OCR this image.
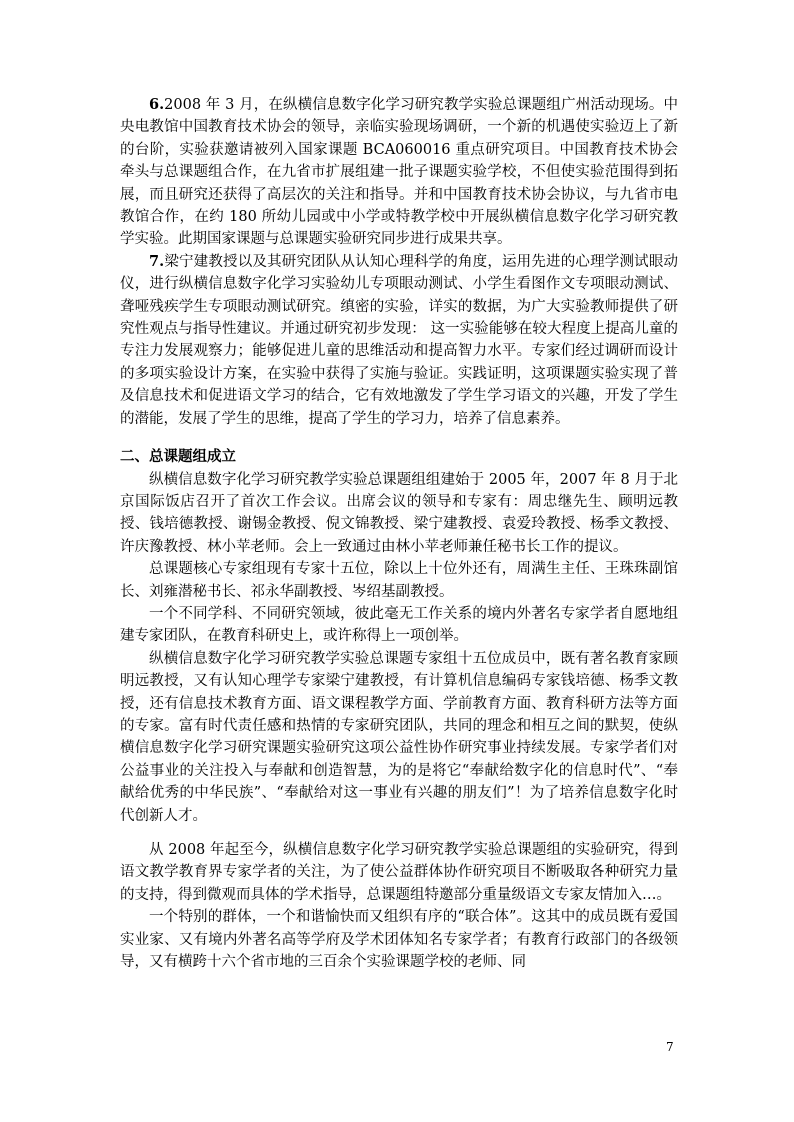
6.2008 年 3 月，在纵横信息数字化学习研究教学实验总课题组广州活动现场。中央电教馆中国教育技术协会的领导，亲临实验现场调研，一个新的机遇使实验迈上了新的台阶，实验获邀请被列入国家课题 BCA060016 重点研究项目。中国教育技术协会牵头与总课题组合作，在九省市扩展组建一批子课题实验学校，不但使实验范围得到拓展，而且研究还获得了高层次的关注和指导。并和中国教育技术协会协议，与九省市电教馆合作，在约 180 所幼儿园或中小学或特教学校中开展纵横信息数字化学习研究教学实验。此期国家课题与总课题实验研究同步进行成果共享。

7.梁宁建教授以及其研究团队从认知心理科学的角度，运用先进的心理学测试眼动仪，进行纵横信息数字化学习实验幼儿专项眼动测试、小学生看图作文专项眼动测试、聋哑残疾学生专项眼动测试研究。缜密的实验，详实的数据，为广大实验教师提供了研究性观点与指导性建议。并通过研究初步发现： 这一实验能够在较大程度上提高儿童的专注力发展观察力；能够促进儿童的思维活动和提高智力水平。专家们经过调研而设计的多项实验设计方案，在实验中获得了实施与验证。实践证明，这项课题实验实现了普及信息技术和促进语文学习的结合，它有效地激发了学生学习语文的兴趣，开发了学生的潜能，发展了学生的思维，提高了学生的学习力，培养了信息素养。

二、总课题组成立

纵横信息数字化学习研究教学实验总课题组组建始于 2005 年，2007 年 8 月于北京国际饭店召开了首次工作会议。出席会议的领导和专家有：周忠继先生、顾明远教授、钱培德教授、谢锡金教授、倪文锦教授、梁宁建教授、袁爱玲教授、杨季文教授、许庆豫教授、林小苹老师。会上一致通过由林小苹老师兼任秘书长工作的提议。

总课题核心专家组现有专家十五位，除以上十位外还有，周满生主任、王珠珠副馆长、刘雍潜秘书长、祁永华副教授、岑绍基副教授。

一个不同学科、不同研究领域，彼此毫无工作关系的境内外著名专家学者自愿地组建专家团队，在教育科研史上，或许称得上一项创举。

纵横信息数字化学习研究教学实验总课题专家组十五位成员中，既有著名教育家顾明远教授，又有认知心理学专家梁宁建教授，有计算机信息编码专家钱培德、杨季文教授，还有信息技术教育方面、语文课程教学方面、学前教育方面、教育科研方法等方面的专家。富有时代责任感和热情的专家研究团队，共同的理念和相互之间的默契，使纵横信息数字化学习研究课题实验研究这项公益性协作研究事业持续发展。专家学者们对公益事业的关注投入与奉献和创造智慧，为的是将它“奉献给数字化的信息时代”、“奉献给优秀的中华民族”、“奉献给对这一事业有兴趣的朋友们”！为了培养信息数字化时代创新人才。

从 2008 年起至今，纵横信息数字化学习研究教学实验总课题组的实验研究，得到语文教学教育界专家学者的关注，为了使公益群体协作研究项目不断吸取各种研究力量的支持，得到微观而具体的学术指导，总课题组特邀部分重量级语文专家友情加入…。

一个特别的群体，一个和谐愉快而又组织有序的“联合体”。这其中的成员既有爱国实业家、又有境内外著名高等学府及学术团体知名专家学者；有教育行政部门的各级领导，又有横跨十六个省市地的三百余个实验课题学校的老师、同

7
